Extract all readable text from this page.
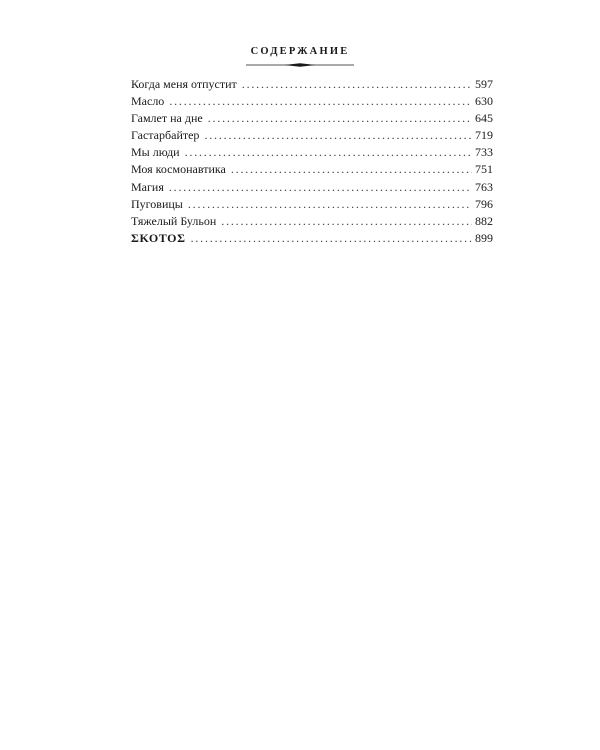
СОДЕРЖАНИЕ
Когда меня отпустит . . .	597
Масло . . .	630
Гамлет на дне . . .	645
Гастарбайтер . . .	719
Мы люди . . .	733
Моя космонавтика . . .	751
Магия . . .	763
Пуговицы . . .	796
Тяжелый Бульон . . .	882
ΣΚΟΤΟΣ . . .	899
